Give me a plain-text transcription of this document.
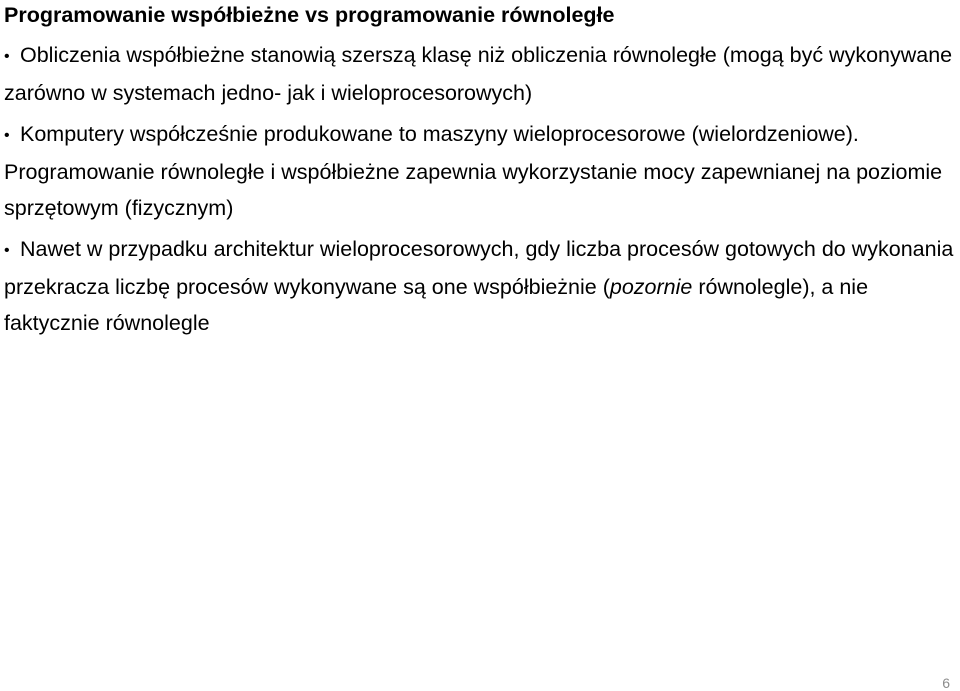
Programowanie współbieżne vs programowanie równoległe
• Obliczenia współbieżne stanowią szerszą klasę niż obliczenia równoległe (mogą być wykonywane zarówno w systemach jedno- jak i wieloprocesorowych)
• Komputery współcześnie produkowane to maszyny wieloprocesorowe (wielordzeniowe). Programowanie równoległe i współbieżne zapewnia wykorzystanie mocy zapewnianej na poziomie sprzętowym (fizycznym)
• Nawet w przypadku architektur wieloprocesorowych, gdy liczba procesów gotowych do wykonania przekracza liczbę procesów wykonywane są one współbieżnie (pozornie równolegle), a nie faktycznie równolegle
6
